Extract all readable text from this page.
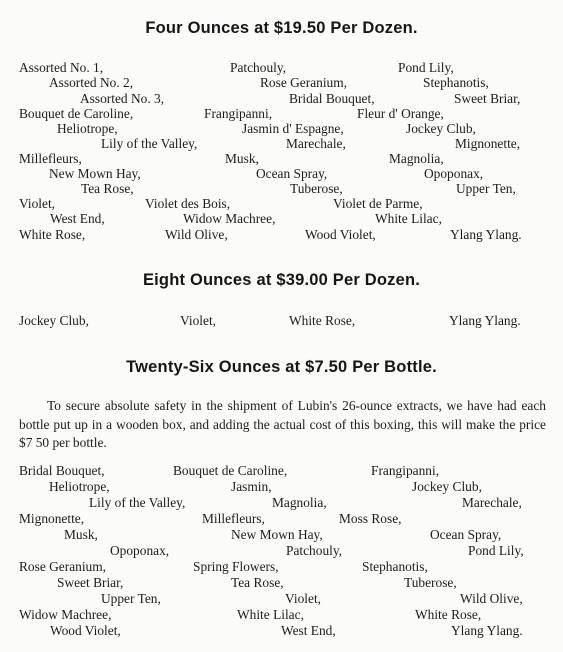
Four Ounces at $19.50 Per Dozen.
Assorted No. 1,	Patchouly,	Pond Lily,
Assorted No. 2,	Rose Geranium,	Stephanotis,
Assorted No. 3,	Bridal Bouquet,	Sweet Briar,
Bouquet de Caroline,	Frangipanni,	Fleur d' Orange,
Heliotrope,	Jasmin d' Espagne,	Jockey Club,
Lily of the Valley,	Marechale,	Mignonette,
Millefleurs,	Musk,	Magnolia,
New Mown Hay,	Ocean Spray,	Opoponax,
Tea Rose,	Tuberose,	Upper Ten,
Violet,	Violet des Bois,	Violet de Parme,
West End,	Widow Machree,	White Lilac,
White Rose,	Wild Olive,	Wood Violet,	Ylang Ylang.
Eight Ounces at $39.00 Per Dozen.
Jockey Club,	Violet,	White Rose,	Ylang Ylang.
Twenty-Six Ounces at $7.50 Per Bottle.
To secure absolute safety in the shipment of Lubin's 26-ounce extracts, we have had each bottle put up in a wooden box, and adding the actual cost of this boxing, this will make the price $7 50 per bottle.
Bridal Bouquet,	Bouquet de Caroline,	Frangipanni,
Heliotrope,	Jasmin,	Jockey Club,
Lily of the Valley,	Magnolia,	Marechale,
Mignonette,	Millefleurs,	Moss Rose,
Musk,	New Mown Hay,	Ocean Spray,
Opoponax,	Patchouly,	Pond Lily,
Rose Geranium,	Spring Flowers,	Stephanotis,
Sweet Briar,	Tea Rose,	Tuberose,
Upper Ten,	Violet,	Wild Olive,
Widow Machree,	White Lilac,	White Rose,
Wood Violet,	West End,	Ylang Ylang.
